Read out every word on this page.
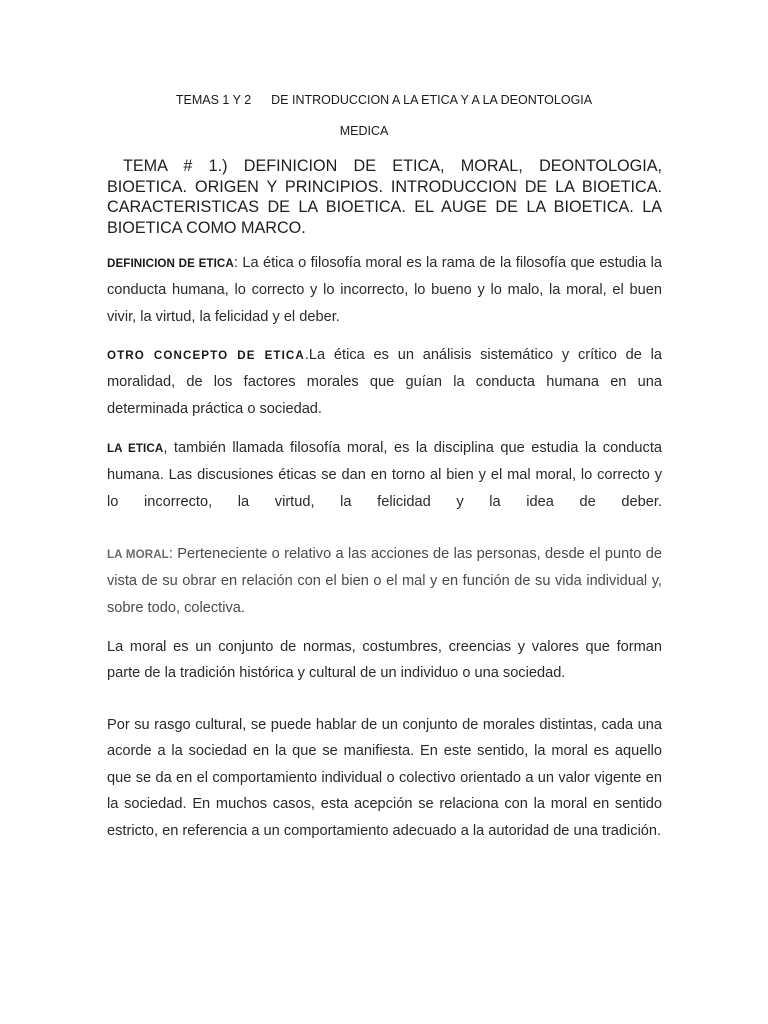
TEMAS 1 Y 2 DE INTRODUCCION A LA ETICA Y A LA DEONTOLOGIA
MEDICA
TEMA # 1.) DEFINICION DE ETICA, MORAL, DEONTOLOGIA, BIOETICA. ORIGEN Y PRINCIPIOS. INTRODUCCION DE LA BIOETICA. CARACTERISTICAS DE LA BIOETICA. EL AUGE DE LA BIOETICA. LA BIOETICA COMO MARCO.
DEFINICION DE ETICA: La ética o filosofía moral es la rama de la filosofía que estudia la conducta humana, lo correcto y lo incorrecto, lo bueno y lo malo, la moral, el buen vivir, la virtud, la felicidad y el deber.
OTRO CONCEPTO DE ETICA.La ética es un análisis sistemático y crítico de la moralidad, de los factores morales que guían la conducta humana en una determinada práctica o sociedad.
LA ETICA, también llamada filosofía moral, es la disciplina que estudia la conducta humana. Las discusiones éticas se dan en torno al bien y el mal moral, lo correcto y lo incorrecto, la virtud, la felicidad y la idea de deber.
LA MORAL: Perteneciente o relativo a las acciones de las personas, desde el punto de vista de su obrar en relación con el bien o el mal y en función de su vida individual y, sobre todo, colectiva.
La moral es un conjunto de normas, costumbres, creencias y valores que forman parte de la tradición histórica y cultural de un individuo o una sociedad.
Por su rasgo cultural, se puede hablar de un conjunto de morales distintas, cada una acorde a la sociedad en la que se manifiesta. En este sentido, la moral es aquello que se da en el comportamiento individual o colectivo orientado a un valor vigente en la sociedad. En muchos casos, esta acepción se relaciona con la moral en sentido estricto, en referencia a un comportamiento adecuado a la autoridad de una tradición.
